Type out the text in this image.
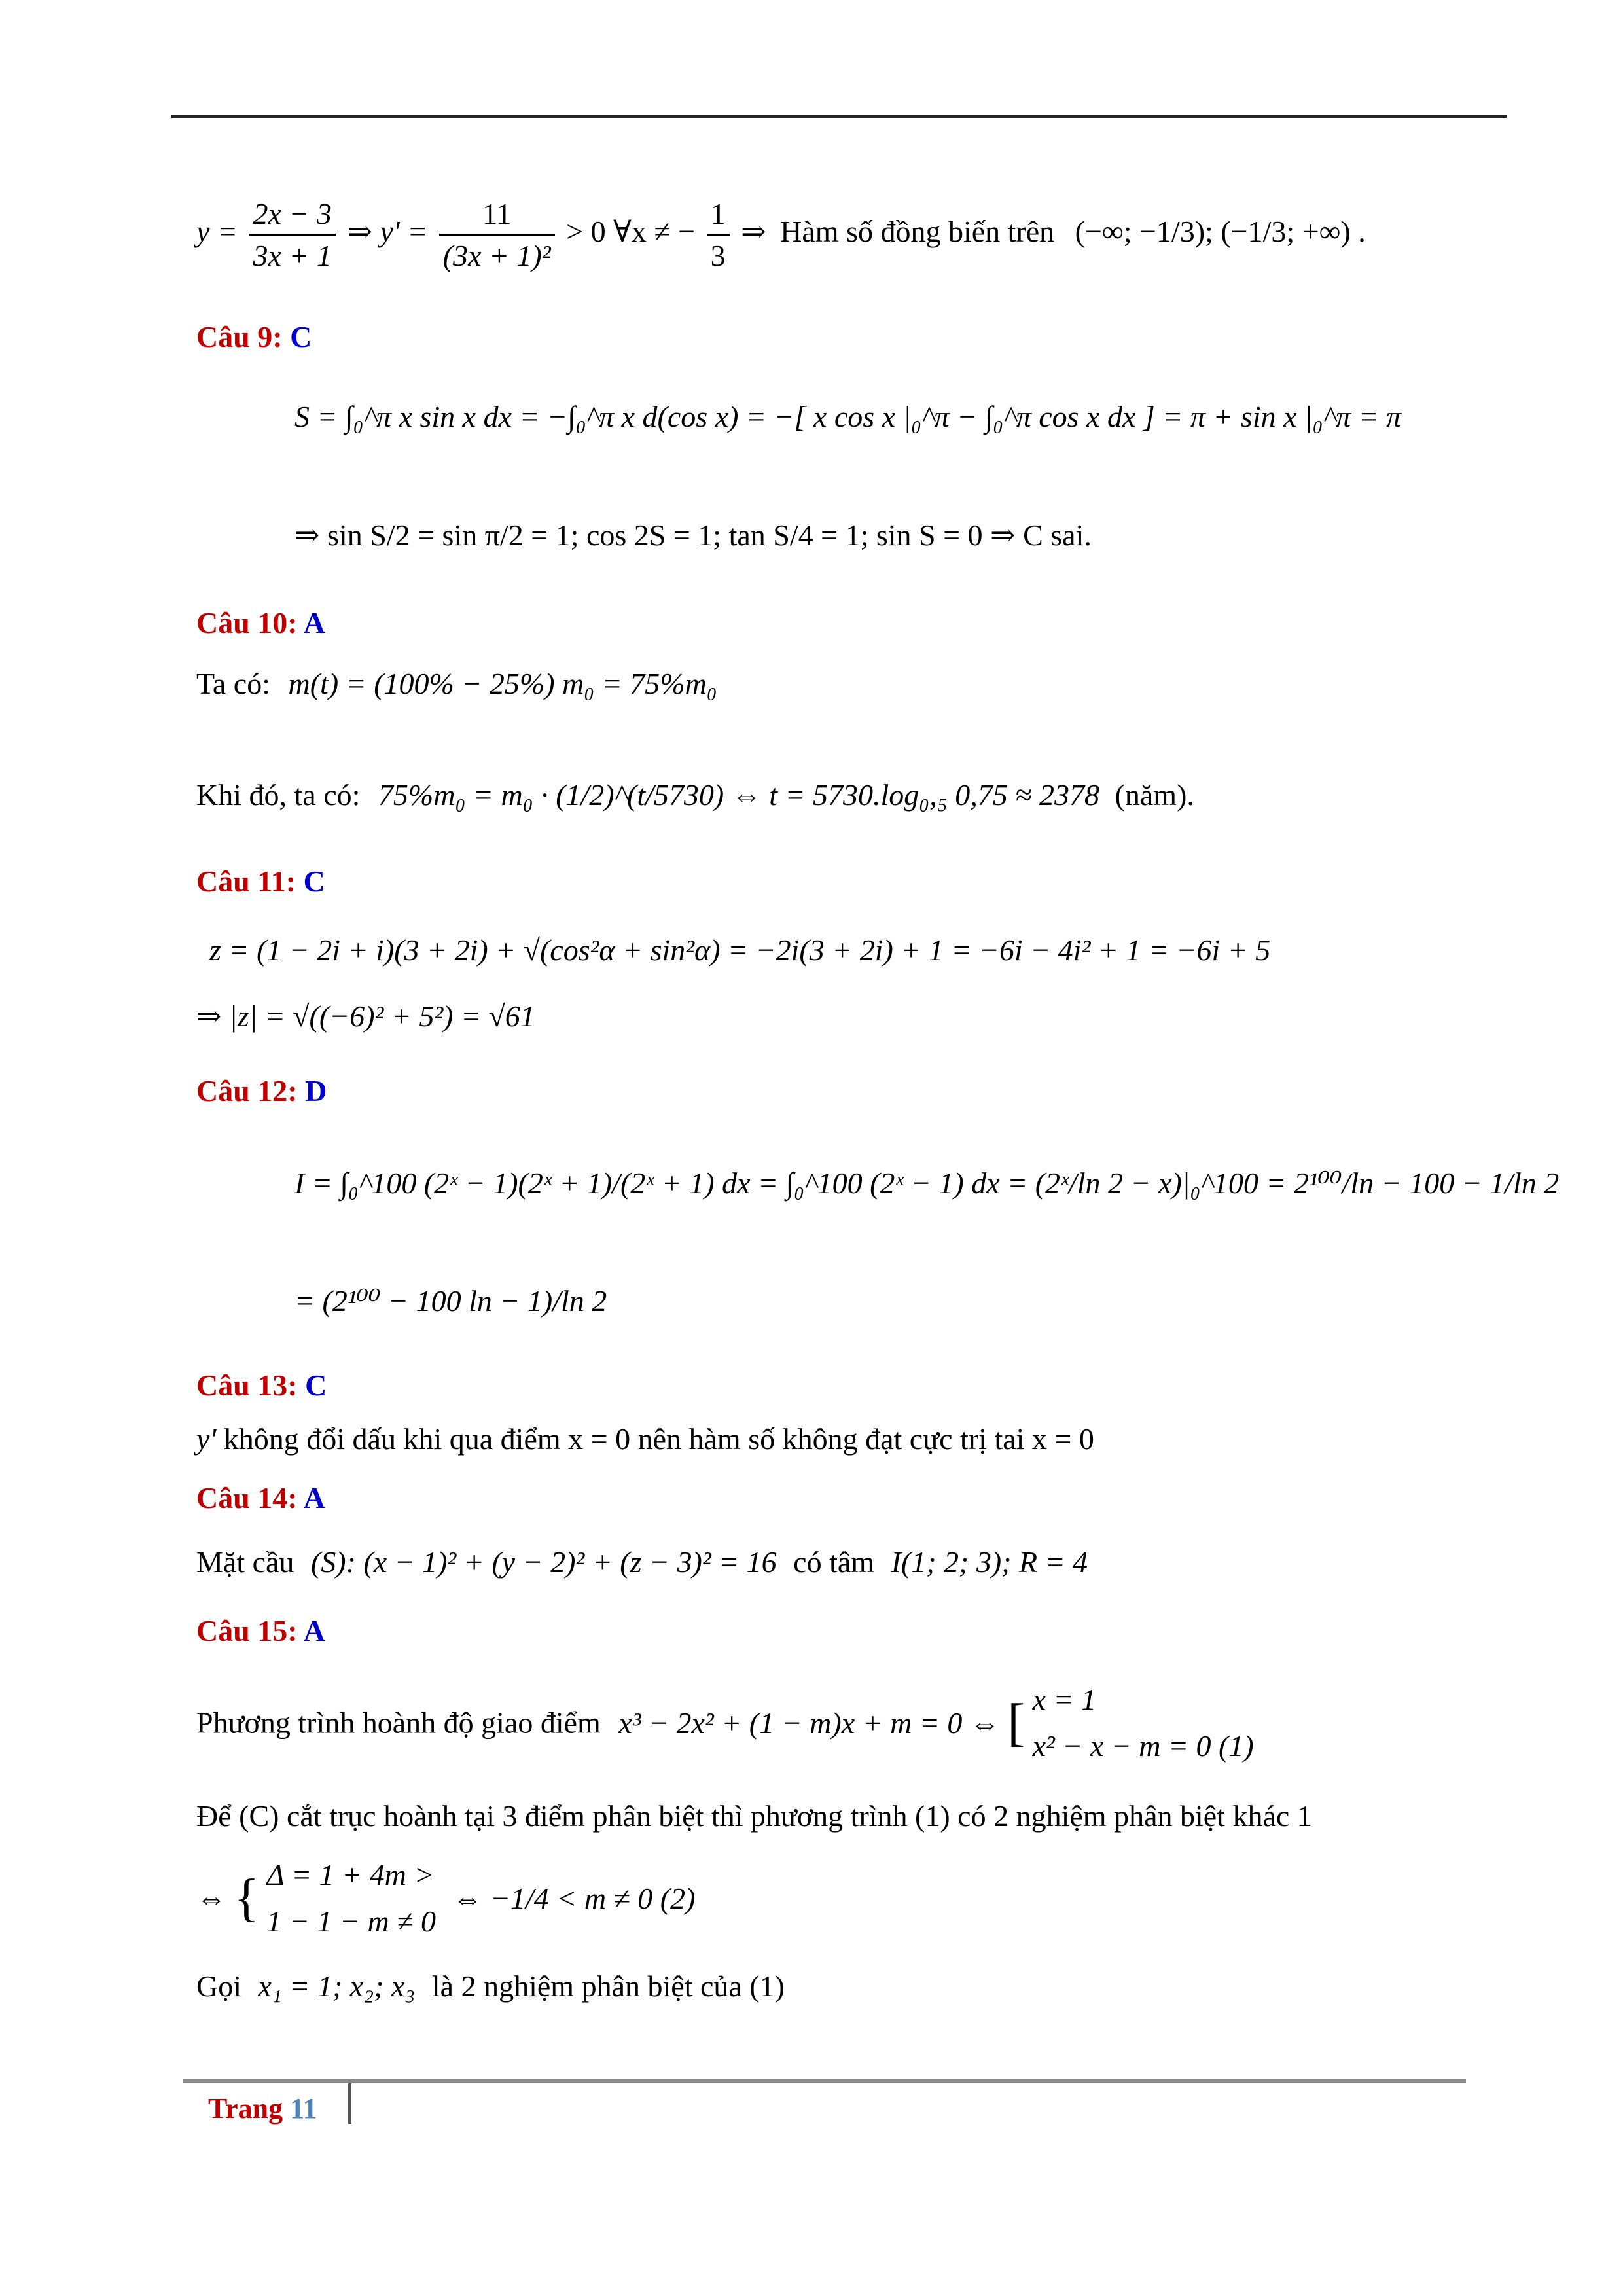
$y = \frac{2x - 3}{3x + 1}$ ⇒ $y' = \frac{11}{\text{(3x + 1)²}} > 0$ ∀x ≠ − $\frac{1}{3}$ ⇒ Hàm số đồng biến trên (−∞; −1/3); (−1/3; +∞) .
Câu 9: C
S = ∫₀^π x sin x dx = −∫₀^π x d(cos x) = −[ x cos x |₀^π − ∫₀^π cos x dx ] = π + sin x |₀^π = π
⇒ sin S/2 = sin π/2 = 1; cos 2S = 1; tan S/4 = 1; sin S = 0 ⇒ C sai.
Câu 10: A
Ta có: m(t) = (100% − 25%) m₀ = 75%m₀
Khi đó, ta có: 75%m₀ = m₀ · (1/2)^(t/5730) ⇔ t = 5730.log₀,₅ 0,75 ≈ 2378 (năm).
Câu 11: C
z = (1 − 2i + i)(3 + 2i) + √(cos²α + sin²α) = −2i(3 + 2i) + 1 = −6i − 4i² + 1 = −6i + 5
⇒ |z| = √((−6)² + 5²) = √61
Câu 12: D
I = ∫₀^100 (2ˣ − 1)(2ˣ + 1)/(2ˣ + 1) dx = ∫₀^100 (2ˣ − 1) dx = (2ˣ/ln 2 − x)|₀^100 = 2¹⁰⁰/ln − 100 − 1/ln 2
= (2¹⁰⁰ − 100 ln − 1)/ln 2
Câu 13: C
y' không đổi dấu khi qua điểm x = 0 nên hàm số không đạt cực trị tai x = 0
Câu 14: A
Mặt cầu (S): (x − 1)² + (y − 2)² + (z − 3)² = 16 có tâm I(1; 2; 3); R = 4
Câu 15: A
Phương trình hoành độ giao điểm x³ − 2x² + (1 − m)x + m = 0 ⇔ [ x = 1
x² − x − m = 0 (1)
Để (C) cắt trục hoành tại 3 điểm phân biệt thì phương trình (1) có 2 nghiệm phân biệt khác 1
⇔ { Δ = 1 + 4m >
1 − 1 − m ≠ 0
⇔ −1/4 < m ≠ 0 (2)
Gọi x₁ = 1; x₂; x₃ là 2 nghiệm phân biệt của (1)
Trang 11
